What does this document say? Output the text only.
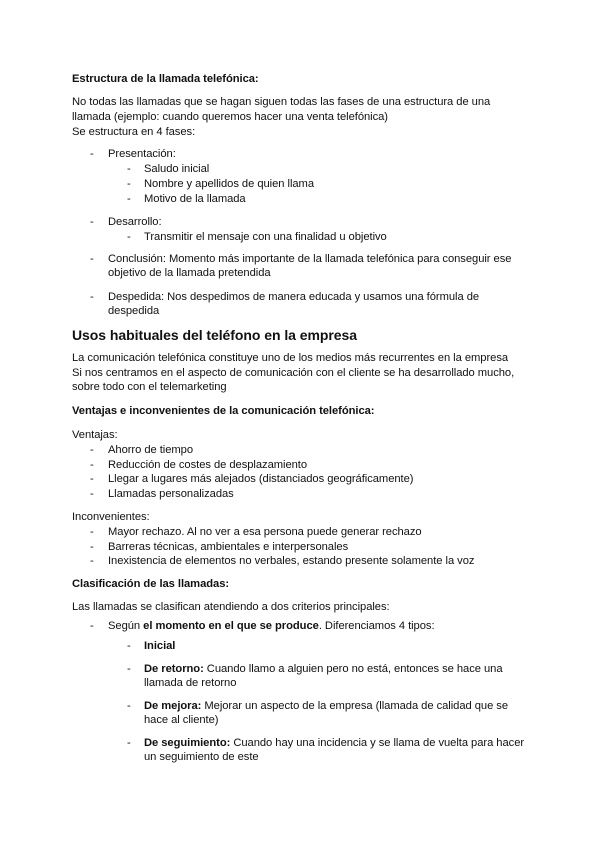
Estructura de la llamada telefónica:
No todas las llamadas que se hagan siguen todas las fases de una estructura de una
llamada (ejemplo: cuando queremos hacer una venta telefónica)
Se estructura en 4 fases:
- Presentación:
- Saludo inicial
- Nombre y apellidos de quien llama
- Motivo de la llamada
- Desarrollo:
- Transmitir el mensaje con una finalidad u objetivo
- Conclusión: Momento más importante de la llamada telefónica para conseguir ese
objetivo de la llamada pretendida
- Despedida: Nos despedimos de manera educada y usamos una fórmula de
despedida
Usos habituales del teléfono en la empresa
La comunicación telefónica constituye uno de los medios más recurrentes en la empresa
Si nos centramos en el aspecto de comunicación con el cliente se ha desarrollado mucho,
sobre todo con el telemarketing
Ventajas e inconvenientes de la comunicación telefónica:
Ventajas:
- Ahorro de tiempo
- Reducción de costes de desplazamiento
- Llegar a lugares más alejados (distanciados geográficamente)
- Llamadas personalizadas
Inconvenientes:
- Mayor rechazo. Al no ver a esa persona puede generar rechazo
- Barreras técnicas, ambientales e interpersonales
- Inexistencia de elementos no verbales, estando presente solamente la voz
Clasificación de las llamadas:
Las llamadas se clasifican atendiendo a dos criterios principales:
- Según el momento en el que se produce. Diferenciamos 4 tipos:
- Inicial
- De retorno: Cuando llamo a alguien pero no está, entonces se hace una
llamada de retorno
- De mejora: Mejorar un aspecto de la empresa (llamada de calidad que se
hace al cliente)
- De seguimiento: Cuando hay una incidencia y se llama de vuelta para hacer
un seguimiento de este
